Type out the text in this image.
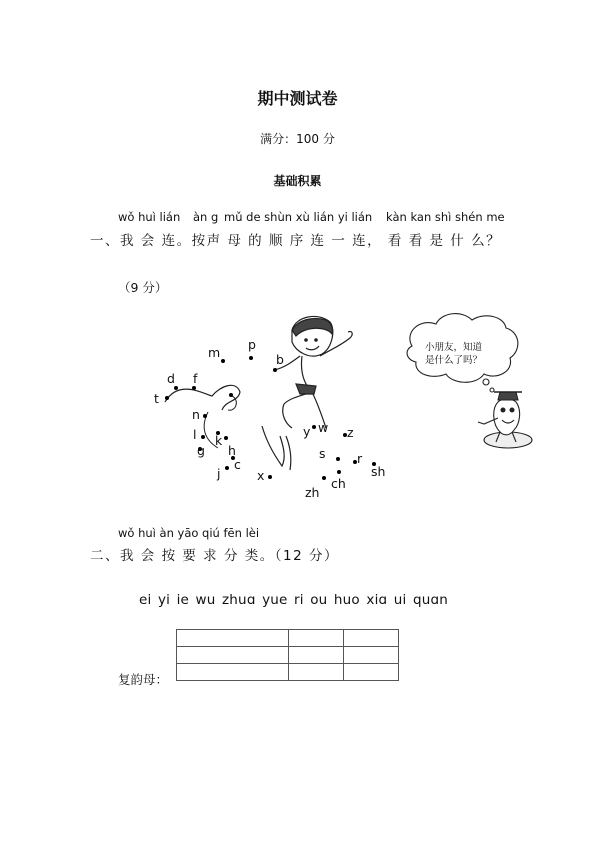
期中测试卷
满分：100 分
基础积累
wǒ huì lián àn g mǔ de shùn xù lián yi lián kàn kan shì shén me
一、我 会 连。按声 母 的 顺 序 连 一 连， 看 看 是 什 么？
（9 分）
m
p
b
d f
t
n
l k
g h
j
c
x
y w z
s	r
sh
zh
ch
小朋友，知道
是什么了吗？
wǒ huì àn yāo qiú fēn lèi
二、我 会 按 要 求 分 类。（12 分）
ei yi ie wu zhuɑ yue ri ou huo xiɑ ui quɑn

复韵母：
